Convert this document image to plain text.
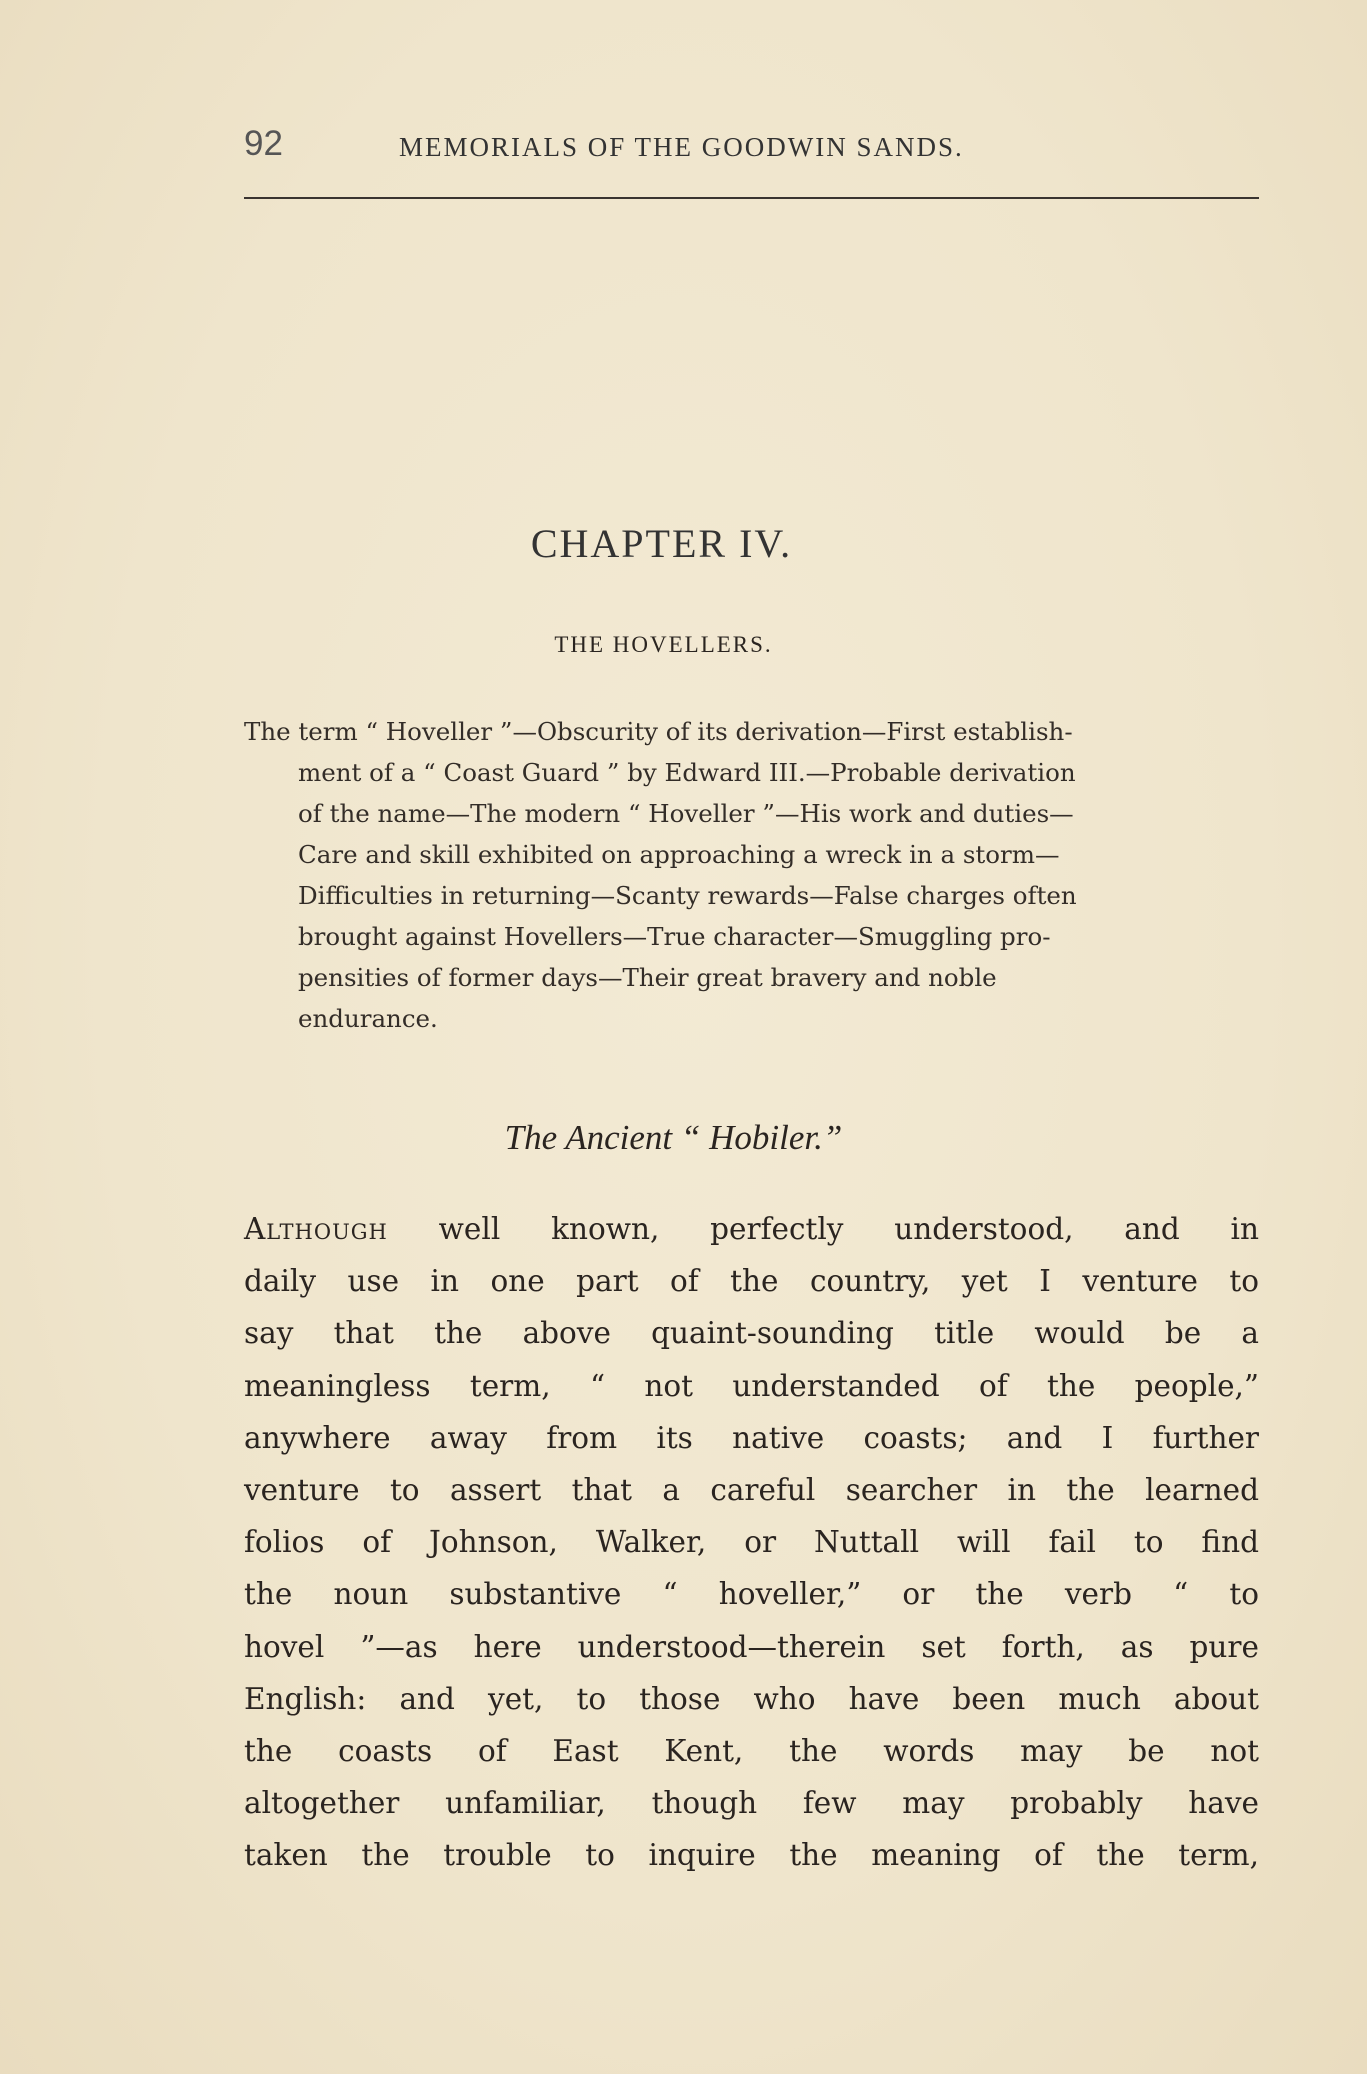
92	MEMORIALS OF THE GOODWIN SANDS.
CHAPTER IV.
THE HOVELLERS.
The term “ Hoveller ”—Obscurity of its derivation—First establish-
ment of a “ Coast Guard ” by Edward III.—Probable derivation
of the name—The modern “ Hoveller ”—His work and duties—
Care and skill exhibited on approaching a wreck in a storm—
Difficulties in returning—Scanty rewards—False charges often
brought against Hovellers—True character—Smuggling pro-
pensities of former days—Their great bravery and noble
endurance.
The Ancient “ Hobiler.”
Although well known, perfectly understood, and in
daily use in one part of the country, yet I venture to
say that the above quaint-sounding title would be a
meaningless term, “ not understanded of the people,”
anywhere away from its native coasts; and I further
venture to assert that a careful searcher in the learned
folios of Johnson, Walker, or Nuttall will fail to find
the noun substantive “ hoveller,” or the verb “ to
hovel ”—as here understood—therein set forth, as pure
English: and yet, to those who have been much about
the coasts of East Kent, the words may be not
altogether unfamiliar, though few may probably have
taken the trouble to inquire the meaning of the term,
